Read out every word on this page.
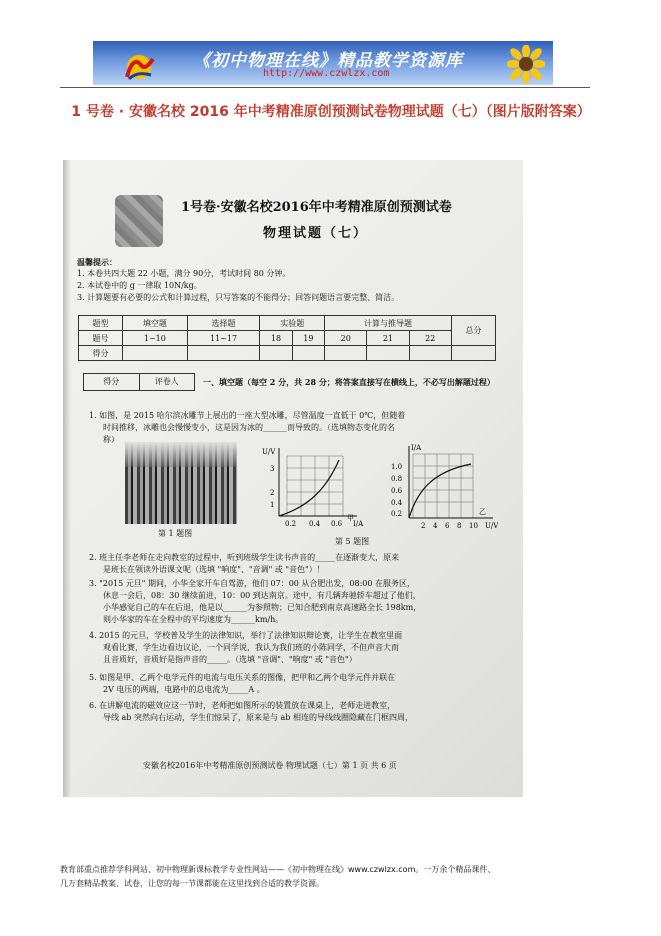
《初中物理在线》精品教学资源库
http://www.czwlzx.com
1 号卷 · 安徽名校 2016 年中考精准原创预测试卷物理试题（七）（图片版附答案）
1号卷·安徽名校2016年中考精准原创预测试卷
物理试题（七）
温馨提示：
1. 本卷共四大题 22 小题，满分 90分，考试时间 80 分钟。
2. 本试卷中的 g 一律取 10N/kg。
3. 计算题要有必要的公式和计算过程，只写答案的不能得分；回答问题语言要完整、简洁。
题型	填空题	选择题	实验题		计算与推导题			总分
题号	1~10	11~17	18	19	20	21	22	
得分								
得分	评卷人	一、填空题（每空 2 分，共 28 分；将答案直接写在横线上，不必写出解题过程）
1. 如图，是 2015 哈尔滨冰雕节上展出的一座大型冰雕，尽管温度一直低于 0℃，但随着
时间推移，冰雕也会慢慢变小，这是因为冰的______而导致的。（选填物态变化的名
称）
第 1 题图
U/V
3
2
1
0.2 0.4 0.6
甲
I/A
I/A
1.0
0.8
0.6
0.4
0.2
2 4 6 8 10
乙
U/V
第 5 题图
2. 班主任李老师在走向教室的过程中，听到班级学生读书声音的_____在逐渐变大，原来
是班长在领读外语课文呢（选填 "响度"、"音调" 或 "音色"）！
3. "2015 元旦" 期间，小华全家开车自驾游，他们 07：00 从合肥出发，08:00 在服务区，
休息一会后，08：30 继续前进，10：00 到达南京。途中，有几辆奔驰轿车超过了他们，
小华感觉自己的车在后退，他是以______为参照物；已知合肥到南京高速路全长 198km，
则小华家的车在全程中的平均速度为______km/h。
4. 2015 的元旦，学校普及学生的法律知识，举行了法律知识辩论赛，让学生在教室里面
观看比赛，学生边看边议论，一个同学说，我认为我们班的小陈同学，不但声音大而
且音质好，音质好是指声音的_____。（选填 "音调"、"响度" 或 "音色"）
5. 如图是甲、乙两个电学元件的电流与电压关系的图像，把甲和乙两个电学元件并联在
2V 电压的两端，电路中的总电流为_____A 。
6. 在讲解电流的磁效应这一节时，老师把如图所示的装置放在课桌上，老师走进教室，
导线 ab 突然向右运动，学生们惊呆了，原来是与 ab 相连的导线线圈隐藏在门框四周，
安徽名校2016年中考精准原创预测试卷 物理试题（七）第 1 页 共 6 页
教育部重点推荐学科网站、初中物理新课标教学专业性网站——《初中物理在线》www.czwlzx.com。一万余个精品课件、
几万套精品教案、试卷，让您的每一节课都能在这里找到合适的教学资源。
